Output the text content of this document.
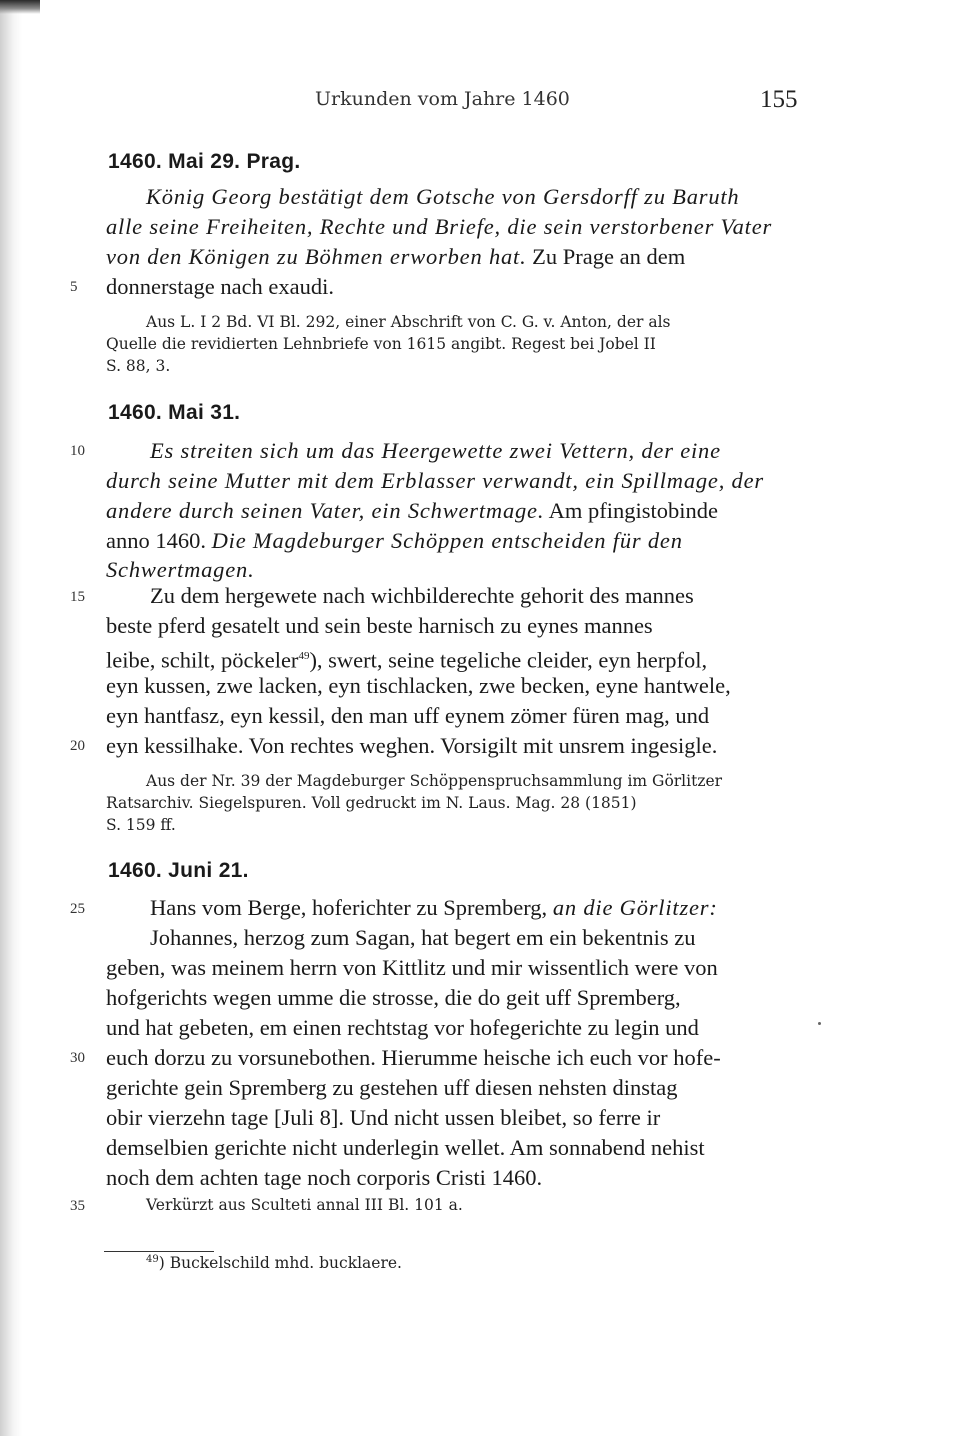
Urkunden vom Jahre 1460	155
1460. Mai 29. Prag.
König Georg bestätigt dem Gotsche von Gersdorff zu Baruth
alle seine Freiheiten, Rechte und Briefe, die sein verstorbener Vater
von den Königen zu Böhmen erworben hat. Zu Prage an dem
5	donnerstage nach exaudi.
Aus L. I 2 Bd. VI Bl. 292, einer Abschrift von C. G. v. Anton, der als
Quelle die revidierten Lehnbriefe von 1615 angibt. Regest bei Jobel II
S. 88, 3.
1460. Mai 31.
10	Es streiten sich um das Heergewette zwei Vettern, der eine
durch seine Mutter mit dem Erblasser verwandt, ein Spillmage, der
andere durch seinen Vater, ein Schwertmage. Am pfingistobinde
anno 1460. Die Magdeburger Schöppen entscheiden für den
Schwertmagen.
15	Zu dem hergewete nach wichbilderechte gehorit des mannes
beste pferd gesatelt und sein beste harnisch zu eynes mannes
leibe, schilt, pöckeler$^{49}$), swert, seine tegeliche cleider, eyn herpfol,
eyn kussen, zwe lacken, eyn tischlacken, zwe becken, eyne hantwele,
eyn hantfasz, eyn kessil, den man uff eynem zömer füren mag, und
20 eyn kessilhake. Von rechtes weghen. Vorsigilt mit unsrem ingesigle.
Aus der Nr. 39 der Magdeburger Schöppenspruchsammlung im Görlitzer
Ratsarchiv. Siegelspuren. Voll gedruckt im N. Laus. Mag. 28 (1851)
S. 159 ff.
1460. Juni 21.
25	Hans vom Berge, hoferichter zu Spremberg, an die Görlitzer:
Johannes, herzog zum Sagan, hat begert em ein bekentnis zu
geben, was meinem herrn von Kittlitz und mir wissentlich were von
hofgerichts wegen umme die strosse, die do geit uff Spremberg,
und hat gebeten, em einen rechtstag vor hofegerichte zu legin und
30 euch dorzu zu vorsunebothen. Hierumme heische ich euch vor hofe-
gerichte gein Spremberg zu gestehen uff diesen nehsten dinstag
obir vierzehn tage [Juli 8]. Und nicht ussen bleibet, so ferre ir
demselbien gerichte nicht underlegin wellet. Am sonnabend nehist
noch dem achten tage noch corporis Cristi 1460.
35	Verkürzt aus Sculteti annal III Bl. 101 a.
$^{49}$) Buckelschild mhd. bucklaere.
